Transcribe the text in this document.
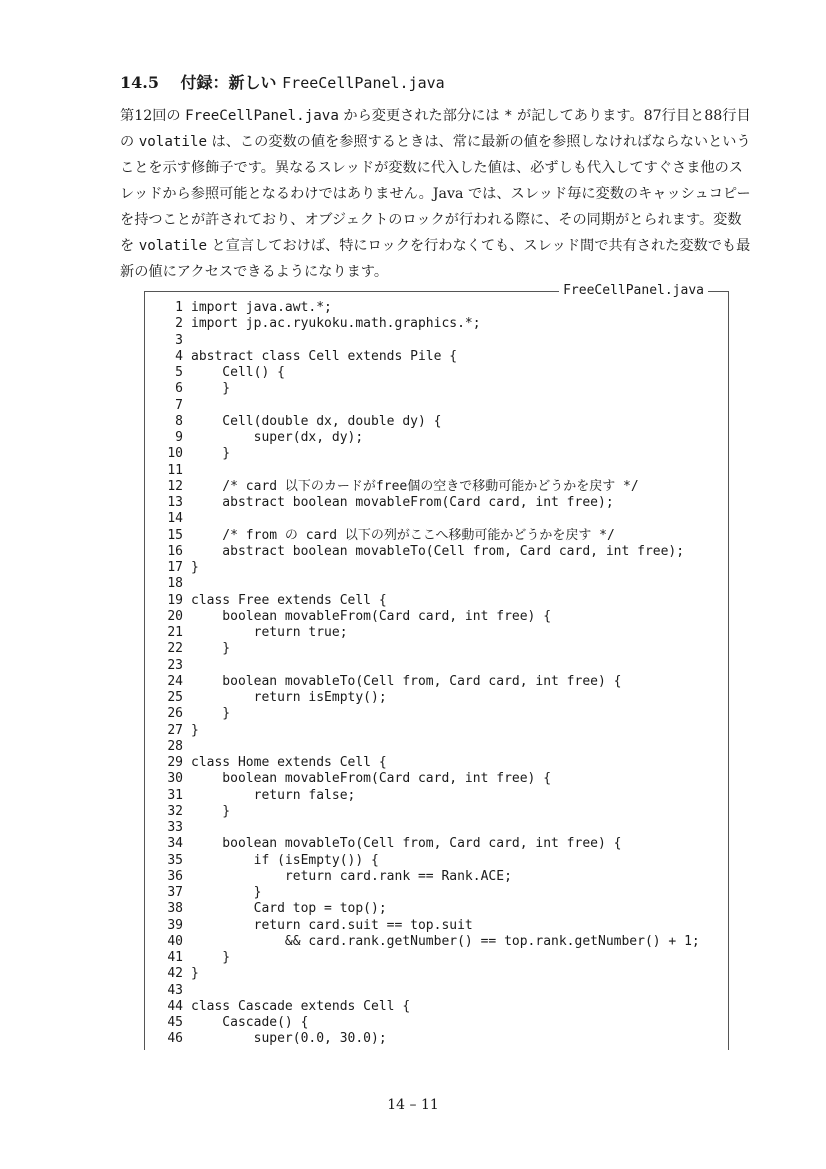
14.5 付録：新しい FreeCellPanel.java
第12回の FreeCellPanel.java から変更された部分には * が記してあります。87行目と88行目
の volatile は、この変数の値を参照するときは、常に最新の値を参照しなければならないという
ことを示す修飾子です。異なるスレッドが変数に代入した値は、必ずしも代入してすぐさま他のス
レッドから参照可能となるわけではありません。Java では、スレッド毎に変数のキャッシュコピー
を持つことが許されており、オブジェクトのロックが行われる際に、その同期がとられます。変数
を volatile と宣言しておけば、特にロックを行わなくても、スレッド間で共有された変数でも最
新の値にアクセスできるようになります。
FreeCellPanel.java
1 import java.awt.*;
2 import jp.ac.ryukoku.math.graphics.*;
3
4 abstract class Cell extends Pile {
5    Cell() {
6    }
7
8    Cell(double dx, double dy) {
9        super(dx, dy);
10    }
11
12    /* card 以下のカードがfree個の空きで移動可能かどうかを戻す */
13    abstract boolean movableFrom(Card card, int free);
14
15    /* from の card 以下の列がここへ移動可能かどうかを戻す */
16    abstract boolean movableTo(Cell from, Card card, int free);
17 }
18
19 class Free extends Cell {
20    boolean movableFrom(Card card, int free) {
21        return true;
22    }
23
24    boolean movableTo(Cell from, Card card, int free) {
25        return isEmpty();
26    }
27 }
28
29 class Home extends Cell {
30    boolean movableFrom(Card card, int free) {
31        return false;
32    }
33
34    boolean movableTo(Cell from, Card card, int free) {
35        if (isEmpty()) {
36            return card.rank == Rank.ACE;
37        }
38        Card top = top();
39        return card.suit == top.suit
40            && card.rank.getNumber() == top.rank.getNumber() + 1;
41    }
42 }
43
44 class Cascade extends Cell {
45    Cascade() {
46        super(0.0, 30.0);
14 – 11
